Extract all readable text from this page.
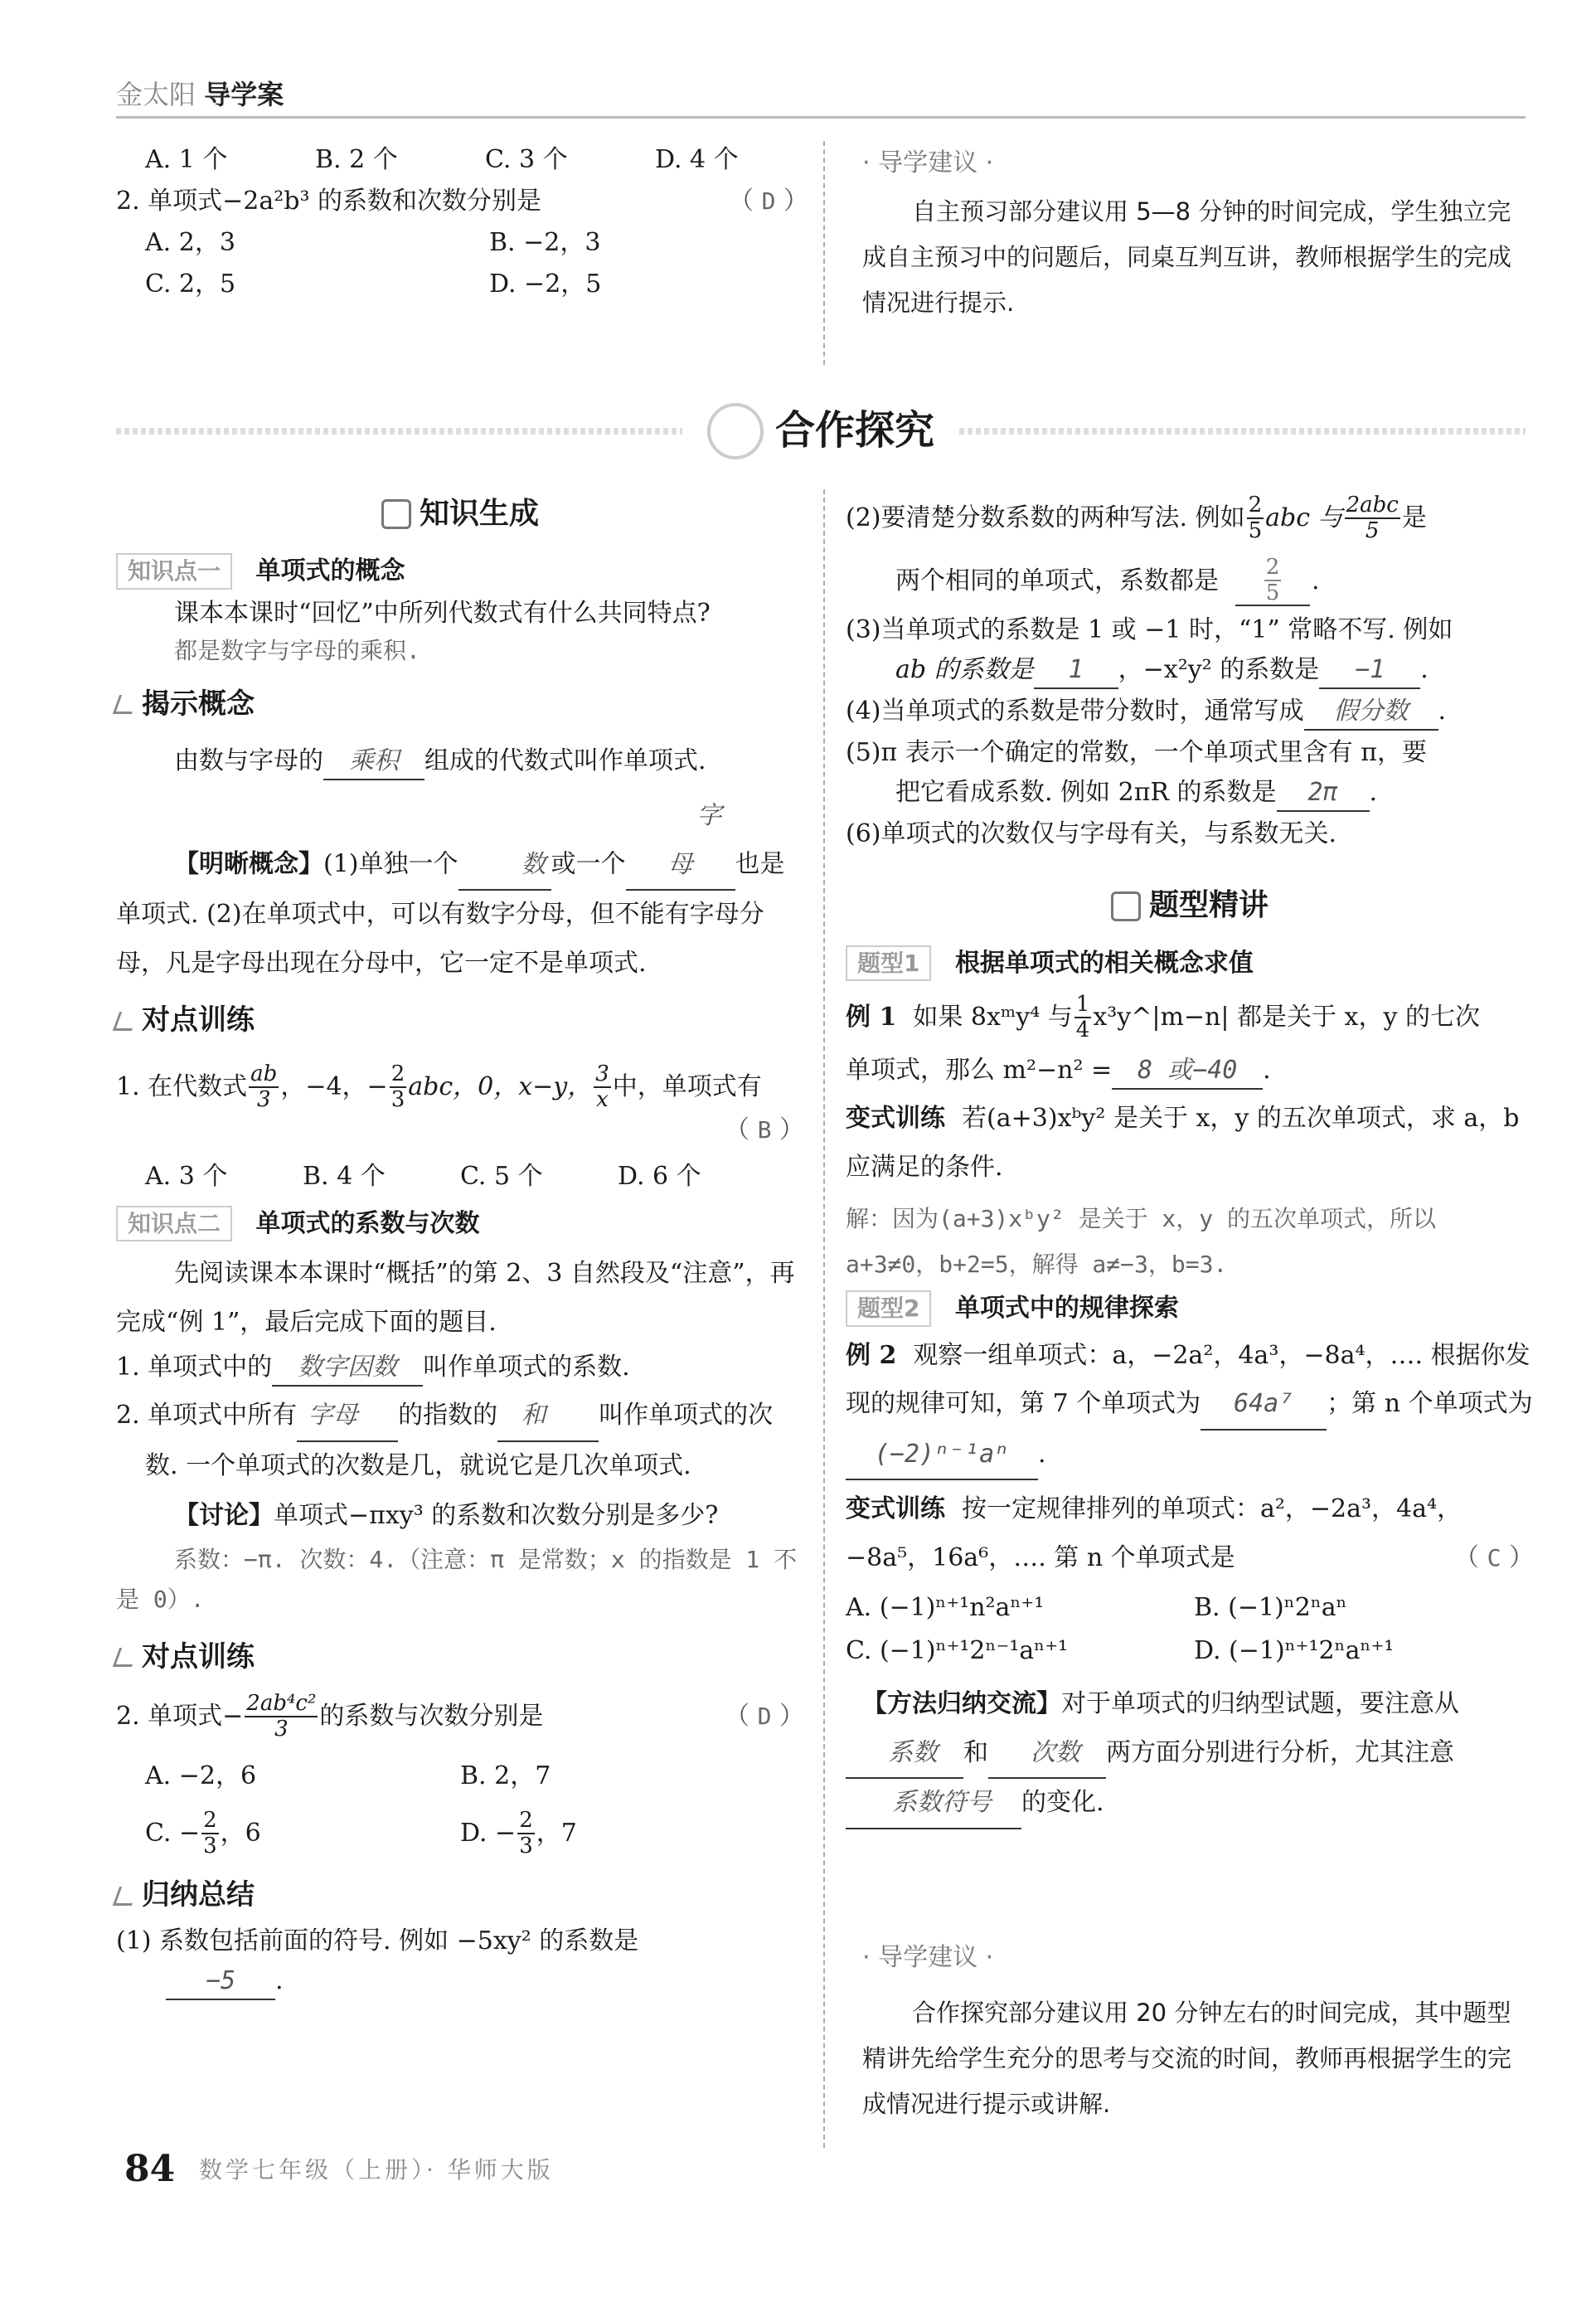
金太阳 导学案
A. 1 个	B. 2 个	C. 3 个	D. 4 个
2. 单项式−2a²b³ 的系数和次数分别是	（ D ）
A. 2，3	B. −2，3
C. 2，5	D. −2，5
· 导学建议 ·

自主预习部分建议用 5—8 分钟的时间完成，学生独立完成自主预习中的问题后，同桌互判互讲，教师根据学生的完成情况进行提示.

合作探究
知识生成
知识点一 单项式的概念

课本本课时“回忆”中所列代数式有什么共同特点?

都是数字与字母的乘积.

揭示概念

由数与字母的 乘积 组成的代数式叫作单项式.

【明晰概念】(1)单独一个	数 或一个字母 也是单项式. (2)在单项式中，可以有数字分母，但不能有字母分母，凡是字母出现在分母中，它一定不是单项式.

对点训练
1. 在代数式 $\frac{ab}{3}$ ，−4，− $\frac{2}{3}$ abc，0，x−y， $\frac{3}{x}$ 中，单项式有
（ B ）
A. 3 个	B. 4 个	C. 5 个	D. 6 个
知识点二 单项式的系数与次数

先阅读课本本课时“概括”的第 2、3 自然段及“注意”，再完成“例 1”，最后完成下面的题目.

1. 单项式中的 数字因数 叫作单项式的系数.

2. 单项式中所有 字母 的指数的 和 叫作单项式的次数. 一个单项式的次数是几，就说它是几次单项式.

【讨论】单项式−πxy³ 的系数和次数分别是多少?

系数：−π. 次数：4.（注意：π 是常数；x 的指数是 1 不是 0）.

对点训练
2. 单项式− $\frac{\text{2ab⁴c²}}{3}$ 的系数与次数分别是	（ D ）
A. −2，6	B. 2，7
C. − $\frac{2}{3}$ ，6	D. − $\frac{2}{3}$ ，7
归纳总结

(1) 系数包括前面的符号. 例如 −5xy² 的系数是

−5 .

(2)要清楚分数系数的两种写法. 例如 $\frac{2}{5}$ abc 与 $\frac{\text{2abc}}{5}$ 是
两个相同的单项式，系数都是 $\frac{2}{5}$ .

(3)当单项式的系数是 1 或 −1 时，“1” 常略不写. 例如

ab 的系数是 1 ，−x²y² 的系数是 −1 .

(4)当单项式的系数是带分数时，通常写成 假分数 .

(5)π 表示一个确定的常数，一个单项式里含有 π，要

把它看成系数. 例如 2πR 的系数是 2π .

(6)单项式的次数仅与字母有关，与系数无关.

题型精讲
题型1 根据单项式的相关概念求值
例 1 如果 8xᵐy⁴ 与 $\frac{1}{4}$ x³y^|m−n| 都是关于 x，y 的七次

单项式，那么 m²−n² = 8 或−40 .

变式训练 若(a+3)xᵇy² 是关于 x，y 的五次单项式，求 a，b 应满足的条件.

解：因为(a+3)xᵇy² 是关于 x，y 的五次单项式，所以 a+3≠0，b+2=5，解得 a≠−3，b=3.

题型2 单项式中的规律探索

例 2 观察一组单项式：a，−2a²，4a³，−8a⁴，…. 根据你发现的规律可知，第 7 个单项式为 64a⁷ ；第 n 个单项式为(−2)ⁿ⁻¹aⁿ .

变式训练 按一定规律排列的单项式：a²，−2a³，4a⁴，−8a⁵，16a⁶，…. 第 n 个单项式是	（ C ）
A. (−1)ⁿ⁺¹n²aⁿ⁺¹	B. (−1)ⁿ2ⁿaⁿ
C. (−1)ⁿ⁺¹2ⁿ⁻¹aⁿ⁺¹	D. (−1)ⁿ⁺¹2ⁿaⁿ⁺¹

【方法归纳交流】对于单项式的归纳型试题，要注意从系数 和 次数 两方面分别进行分析，尤其注意系数符号 的变化.

· 导学建议 ·

合作探究部分建议用 20 分钟左右的时间完成，其中题型精讲先给学生充分的思考与交流的时间，教师再根据学生的完成情况进行提示或讲解.

84 数学七年级（上册）· 华师大版
